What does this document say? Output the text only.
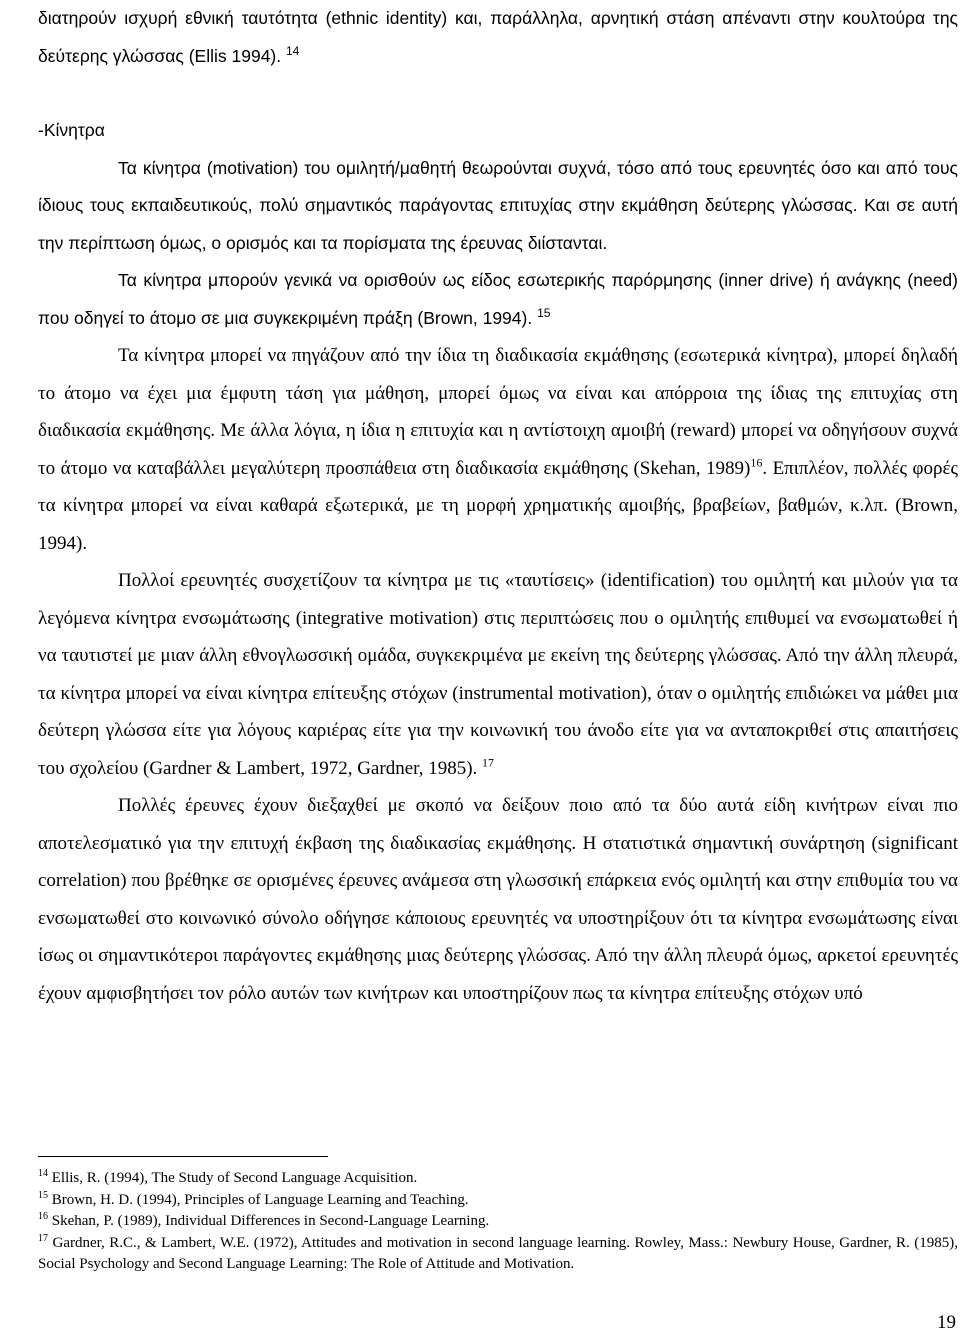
διατηρούν ισχυρή εθνική ταυτότητα (ethnic identity) και, παράλληλα, αρνητική στάση απέναντι στην κουλτούρα της δεύτερης γλώσσας (Ellis 1994). $^{14}$

-Κίνητρα

Τα κίνητρα (motivation) του ομιλητή/μαθητή θεωρούνται συχνά, τόσο από τους ερευνητές όσο και από τους ίδιους τους εκπαιδευτικούς, πολύ σημαντικός παράγοντας επιτυχίας στην εκμάθηση δεύτερης γλώσσας. Και σε αυτή την περίπτωση όμως, ο ορισμός και τα πορίσματα της έρευνας διίστανται.

Τα κίνητρα μπορούν γενικά να ορισθούν ως είδος εσωτερικής παρόρμησης (inner drive) ή ανάγκης (need) που οδηγεί το άτομο σε μια συγκεκριμένη πράξη (Brown, 1994). $^{15}$

Τα κίνητρα μπορεί να πηγάζουν από την ίδια τη διαδικασία εκμάθησης (εσωτερικά κίνητρα), μπορεί δηλαδή το άτομο να έχει μια έμφυτη τάση για μάθηση, μπορεί όμως να είναι και απόρροια της ίδιας της επιτυχίας στη διαδικασία εκμάθησης. Με άλλα λόγια, η ίδια η επιτυχία και η αντίστοιχη αμοιβή (reward) μπορεί να οδηγήσουν συχνά το άτομο να καταβάλλει μεγαλύτερη προσπάθεια στη διαδικασία εκμάθησης (Skehan, 1989)$^{16}$. Επιπλέον, πολλές φορές τα κίνητρα μπορεί να είναι καθαρά εξωτερικά, με τη μορφή χρηματικής αμοιβής, βραβείων, βαθμών, κ.λπ. (Brown, 1994).

Πολλοί ερευνητές συσχετίζουν τα κίνητρα με τις «ταυτίσεις» (identification) του ομιλητή και μιλούν για τα λεγόμενα κίνητρα ενσωμάτωσης (integrative motivation) στις περιπτώσεις που ο ομιλητής επιθυμεί να ενσωματωθεί ή να ταυτιστεί με μιαν άλλη εθνογλωσσική ομάδα, συγκεκριμένα με εκείνη της δεύτερης γλώσσας. Από την άλλη πλευρά, τα κίνητρα μπορεί να είναι κίνητρα επίτευξης στόχων (instrumental motivation), όταν ο ομιλητής επιδιώκει να μάθει μια δεύτερη γλώσσα είτε για λόγους καριέρας είτε για την κοινωνική του άνοδο είτε για να ανταποκριθεί στις απαιτήσεις του σχολείου (Gardner & Lambert, 1972, Gardner, 1985). $^{17}$

Πολλές έρευνες έχουν διεξαχθεί με σκοπό να δείξουν ποιο από τα δύο αυτά είδη κινήτρων είναι πιο αποτελεσματικό για την επιτυχή έκβαση της διαδικασίας εκμάθησης. Η στατιστικά σημαντική συνάρτηση (significant correlation) που βρέθηκε σε ορισμένες έρευνες ανάμεσα στη γλωσσική επάρκεια ενός ομιλητή και στην επιθυμία του να ενσωματωθεί στο κοινωνικό σύνολο οδήγησε κάποιους ερευνητές να υποστηρίξουν ότι τα κίνητρα ενσωμάτωσης είναι ίσως οι σημαντικότεροι παράγοντες εκμάθησης μιας δεύτερης γλώσσας. Από την άλλη πλευρά όμως, αρκετοί ερευνητές έχουν αμφισβητήσει τον ρόλο αυτών των κινήτρων και υποστηρίζουν πως τα κίνητρα επίτευξης στόχων υπό

$^{14}$ Ellis, R. (1994), The Study of Second Language Acquisition.

$^{15}$ Brown, H. D. (1994), Principles of Language Learning and Teaching.

$^{16}$ Skehan, P. (1989), Individual Differences in Second-Language Learning.

$^{17}$ Gardner, R.C., & Lambert, W.E. (1972), Attitudes and motivation in second language learning. Rowley, Mass.: Newbury House, Gardner, R. (1985), Social Psychology and Second Language Learning: The Role of Attitude and Motivation.

19
